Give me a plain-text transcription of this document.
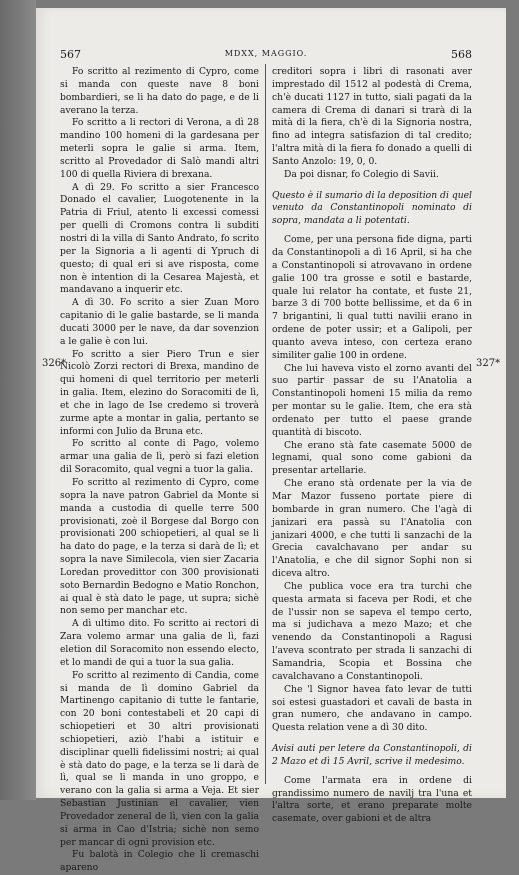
567	MDXX, MAGGIO.	568
326*	327*

Fo scritto al rezimento di Cypro, come si manda con queste nave 8 boni bombardieri, se li ha dato do page, e de li averano la terza.

Fo scritto a li rectori di Verona, a dì 28 mandino 100 homeni di la gardesana per meterli sopra le galie si arma. Item, scritto al Provedador di Salò mandi altri 100 di quella Riviera di brexana.

A dì 29. Fo scritto a sier Francesco Donado el cavalier, Luogotenente in la Patria di Friul, atento li excessi comessi per quelli di Cromons contra li subditi nostri di la villa di Santo Andrato, fo scrito per la Signoria a li agenti di Ypruch di questo; di qual eri si ave risposta, come non è intention di la Cesarea Majestà, et mandavano a inquerir etc.

A dì 30. Fo scrito a sier Zuan Moro capitanio di le galie bastarde, se li manda ducati 3000 per le nave, da dar sovenzion a le galie è con lui.

Fo scritto a sier Piero Trun e sier Nicolò Zorzi rectori di Brexa, mandino de qui homeni di quel territorio per meterli in galia. Item, elezino do Soracomiti de lì, et che in lago de Ise credemo si troverà zurme apte a montar in galia, pertanto se informi con Julio da Bruna etc.

Fo scritto al conte di Pago, volemo armar una galia de lì, però si fazi eletion dil Soracomito, qual vegni a tuor la galia.

Fo scritto al rezimento di Cypro, come sopra la nave patron Gabriel da Monte si manda a custodia di quelle terre 500 provisionati, zoè il Borgese dal Borgo con provisionati 200 schiopetieri, al qual se li ha dato do page, e la terza si darà de lì; et sopra la nave Similecola, vien sier Zacaria Loredan provedittor con 300 provisionati soto Bernardin Bedogno e Matio Ronchon, ai qual è stà dato le page, ut supra; sichè non semo per manchar etc.

A dì ultimo dito. Fo scritto ai rectori di Zara volemo armar una galia de lì, fazi eletion dil Soracomito non essendo electo, et lo mandi de qui a tuor la sua galia.

Fo scritto al rezimento di Candia, come si manda de lì domino Gabriel da Martinengo capitanio di tutte le fantarie, con 20 boni contestabeli et 20 capi di schiopetieri et 30 altri provisionati schiopetieri, aziò l'habi a istituir e disciplinar quelli fidelissimi nostri; ai qual è stà dato do page, e la terza se li darà de lì, qual se li manda in uno groppo, e verano con la galia si arma a Veja. Et sier Sebastian Justinian el cavalier, vien Provedador zeneral de lì, vien con la galia si arma in Cao d'Istria; sichè non semo per mancar di ogni provision etc.

Fu balotà in Colegio che li cremaschi apareno

creditori sopra i libri di rasonati aver imprestado dil 1512 al podestà di Crema, ch'è ducati 1127 in tutto, siali pagati da la camera di Crema di danari si trarà di la mità di la fiera, ch'è di la Signoria nostra, fino ad integra satisfazion di tal credito; l'altra mità di la fiera fo donado a quelli di Santo Anzolo: 19, 0, 0.

Da poi disnar, fo Colegio di Savii.

Questo è il sumario di la deposition di quel venuto da Constantinopoli nominato di sopra, mandata a li potentati.

Come, per una persona fide digna, parti da Constantinopoli a dì 16 April, si ha che a Constantinopoli si atrovavano in ordene galie 100 tra grosse e sotil e bastarde, quale lui relator ha contate, et fuste 21, barze 3 di 700 botte bellissime, et da 6 in 7 brigantini, li qual tutti navilii erano in ordene de poter ussir; et a Galipoli, per quanto aveva inteso, con certeza erano similiter galie 100 in ordene.

Che lui haveva visto el zorno avanti del suo partir passar de su l'Anatolia a Constantinopoli homeni 15 milia da remo per montar su le galie. Item, che era stà ordenato per tutto el paese grande quantità di biscoto.

Che erano stà fate casemate 5000 de legnami, qual sono come gabioni da presentar artellarie.

Che erano stà ordenate per la via de Mar Mazor fusseno portate piere di bombarde in gran numero. Che l'agà di janizari era passà su l'Anatolia con janizari 4000, e che tutti li sanzachi de la Grecia cavalchavano per andar su l'Anatolia, e che dil signor Sophi non si diceva altro.

Che publica voce era tra turchi che questa armata si faceva per Rodi, et che de l'ussir non se sapeva el tempo certo, ma si judichava a mezo Mazo; et che venendo da Constantinopoli a Ragusi l'aveva scontrato per strada li sanzachi di Samandria, Scopia et Bossina che cavalchavano a Constantinopoli.

Che 'l Signor havea fato levar de tutti soi estesi guastadori et cavali de basta in gran numero, che andavano in campo. Questa relation vene a dì 30 dito.

Avisi auti per letere da Constantinopoli, di 2 Mazo et dì 15 Avril, scrive il medesimo.

Come l'armata era in ordene di grandissimo numero de navilj tra l'una et l'altra sorte, et erano preparate molte casemate, over gabioni et de altra
